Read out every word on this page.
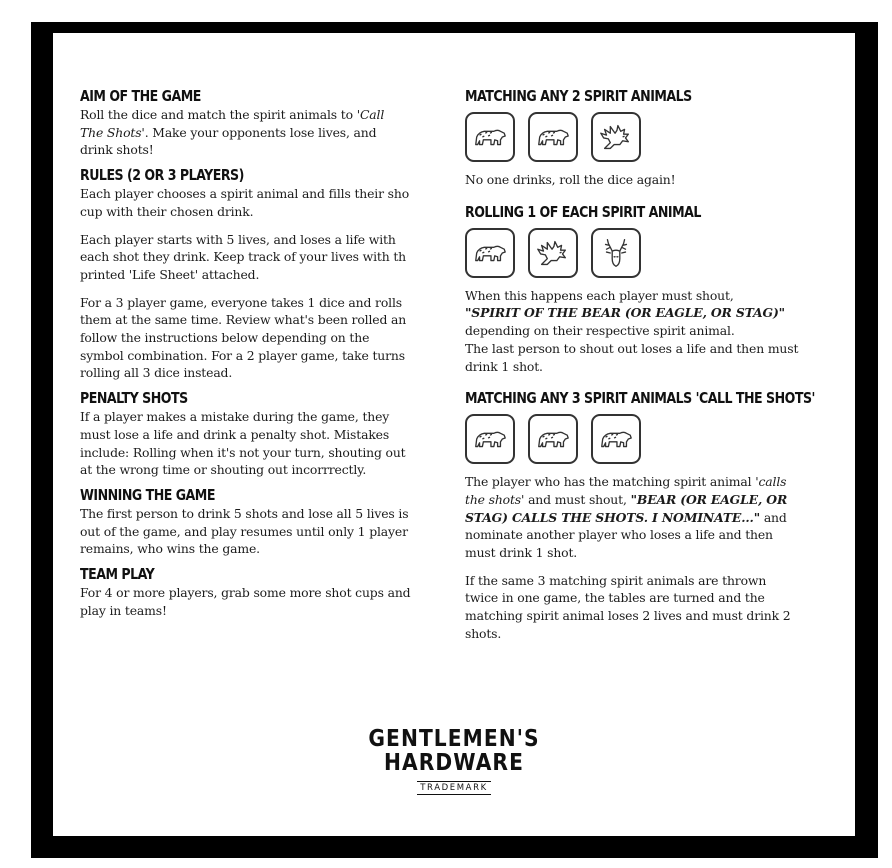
AIM OF THE GAME

Roll the dice and match the spirit animals to 'Call

The Shots'. Make your opponents lose lives, and

drink shots!

RULES (2 OR 3 PLAYERS)

Each player chooses a spirit animal and fills their sho

cup with their chosen drink.

Each player starts with 5 lives, and loses a life with

each shot they drink. Keep track of your lives with th

printed 'Life Sheet' attached.

For a 3 player game, everyone takes 1 dice and rolls

them at the same time. Review what's been rolled an

follow the instructions below depending on the

symbol combination. For a 2 player game, take turns

rolling all 3 dice instead.

PENALTY SHOTS

If a player makes a mistake during the game, they

must lose a life and drink a penalty shot. Mistakes

include: Rolling when it's not your turn, shouting out

at the wrong time or shouting out incorrrectly.

WINNING THE GAME

The first person to drink 5 shots and lose all 5 lives is

out of the game, and play resumes until only 1 player

remains, who wins the game.

TEAM PLAY

For 4 or more players, grab some more shot cups and

play in teams!

MATCHING ANY 2 SPIRIT ANIMALS

No one drinks, roll the dice again!

ROLLING 1 OF EACH SPIRIT ANIMAL

When this happens each player must shout,

"SPIRIT OF THE BEAR (OR EAGLE, OR STAG)"

depending on their respective spirit animal.

The last person to shout out loses a life and then must

drink 1 shot.

MATCHING ANY 3 SPIRIT ANIMALS 'CALL THE SHOTS'

The player who has the matching spirit animal 'calls

the shots' and must shout, "BEAR (OR EAGLE, OR

STAG) CALLS THE SHOTS. I NOMINATE..." and

nominate another player who loses a life and then

must drink 1 shot.

If the same 3 matching spirit animals are thrown

twice in one game, the tables are turned and the

matching spirit animal loses 2 lives and must drink 2

shots.

GENTLEMEN'S
HARDWARE
TRADEMARK
